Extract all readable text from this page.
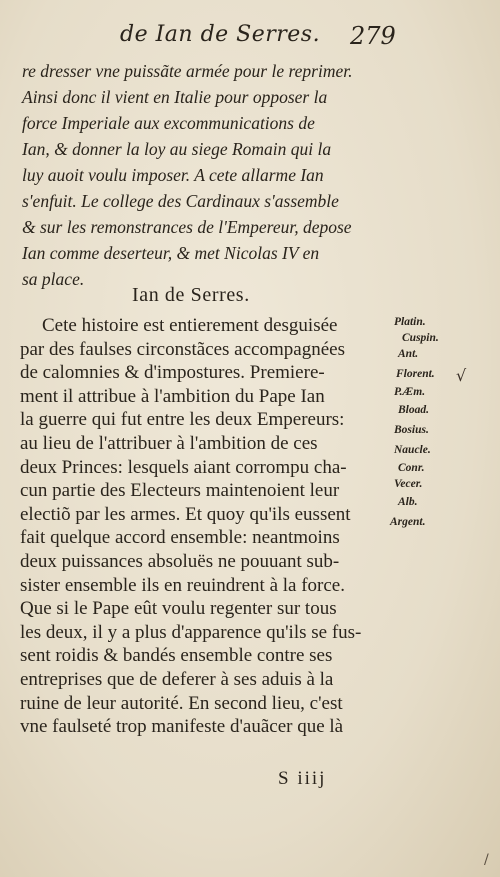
de Ian de Serres.	279
re dresser vne puissãte armée pour le reprimer.
Ainsi donc il vient en Italie pour opposer la
force Imperiale aux excommunications de
Ian, & donner la loy au siege Romain qui la
luy auoit voulu imposer. A cete allarme Ian
s'enfuit. Le college des Cardinaux s'assemble
& sur les remonstrances de l'Empereur, depose
Ian comme deserteur, & met Nicolas IV en
sa place.
Ian de Serres.
Cete histoire est entierement desguisée
par des faulses circonstãces accompagnées
de calomnies & d'impostures. Premiere-
ment il attribue à l'ambition du Pape Ian
la guerre qui fut entre les deux Empereurs:
au lieu de l'attribuer à l'ambition de ces
deux Princes: lesquels aiant corrompu cha-
cun partie des Electeurs maintenoient leur
electiõ par les armes. Et quoy qu'ils eussent
fait quelque accord ensemble: neantmoins
deux puissances absoluës ne pouuant sub-
sister ensemble ils en reuindrent à la force.
Que si le Pape eût voulu regenter sur tous
les deux, il y a plus d'apparence qu'ils se fus-
sent roidis & bandés ensemble contre ses
entreprises que de deferer à ses aduis à la
ruine de leur autorité. En second lieu, c'est
vne faulseté trop manifeste d'auãcer que là
Platin.
Cuspin.
Ant.
Florent.
P.Æm.
Bload.
Bosius.
Naucle.
Conr.
Vecer.
Alb.
Argent.
√
S iiij
/
